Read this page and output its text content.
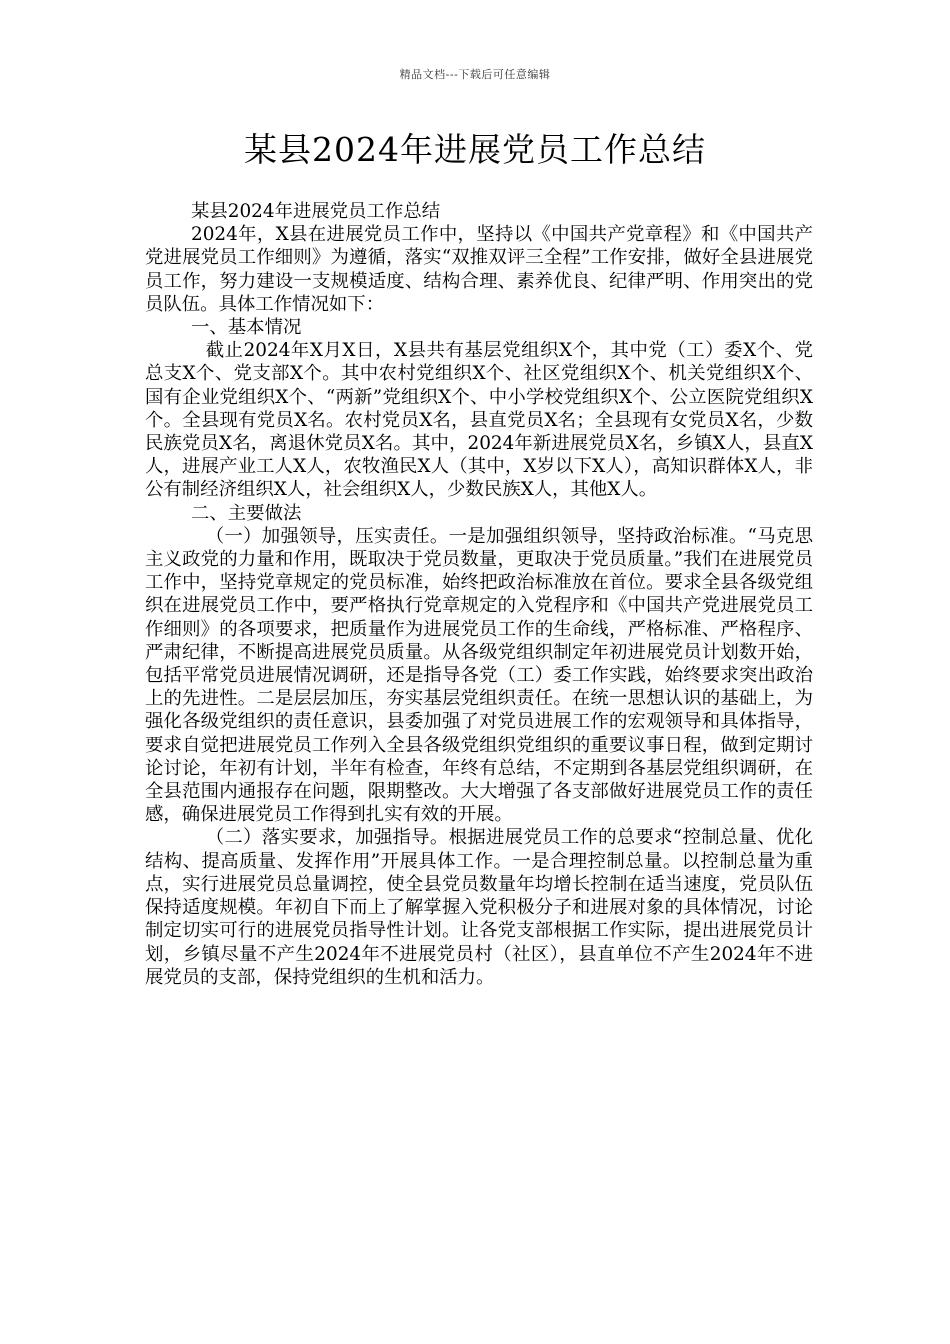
精品文档---下载后可任意编辑
某县2024年进展党员工作总结

某县2024年进展党员工作总结

2024年，X县在进展党员工作中，坚持以《中国共产党章程》和《中国共产党进展党员工作细则》为遵循，落实“双推双评三全程”工作安排，做好全县进展党员工作，努力建设一支规模适度、结构合理、素养优良、纪律严明、作用突出的党员队伍。具体工作情况如下：

一、基本情况

截止2024年X月X日，X县共有基层党组织X个，其中党（工）委X个、党总支X个、党支部X个。其中农村党组织X个、社区党组织X个、机关党组织X个、国有企业党组织X个、“两新”党组织X个、中小学校党组织X个、公立医院党组织X个。全县现有党员X名。农村党员X名，县直党员X名；全县现有女党员X名，少数民族党员X名，离退休党员X名。其中，2024年新进展党员X名，乡镇X人，县直X人，进展产业工人X人，农牧渔民X人（其中，X岁以下X人），高知识群体X人，非公有制经济组织X人，社会组织X人，少数民族X人，其他X人。

二、主要做法

（一）加强领导，压实责任。一是加强组织领导，坚持政治标准。“马克思主义政党的力量和作用，既取决于党员数量，更取决于党员质量。”我们在进展党员工作中，坚持党章规定的党员标准，始终把政治标准放在首位。要求全县各级党组织在进展党员工作中，要严格执行党章规定的入党程序和《中国共产党进展党员工作细则》的各项要求，把质量作为进展党员工作的生命线，严格标准、严格程序、严肃纪律，不断提高进展党员质量。从各级党组织制定年初进展党员计划数开始，包括平常党员进展情况调研，还是指导各党（工）委工作实践，始终要求突出政治上的先进性。二是层层加压，夯实基层党组织责任。在统一思想认识的基础上，为强化各级党组织的责任意识，县委加强了对党员进展工作的宏观领导和具体指导，要求自觉把进展党员工作列入全县各级党组织党组织的重要议事日程，做到定期讨论讨论，年初有计划，半年有检查，年终有总结，不定期到各基层党组织调研，在全县范围内通报存在问题，限期整改。大大增强了各支部做好进展党员工作的责任感，确保进展党员工作得到扎实有效的开展。

（二）落实要求，加强指导。根据进展党员工作的总要求“控制总量、优化结构、提高质量、发挥作用”开展具体工作。一是合理控制总量。以控制总量为重点，实行进展党员总量调控，使全县党员数量年均增长控制在适当速度，党员队伍保持适度规模。年初自下而上了解掌握入党积极分子和进展对象的具体情况，讨论制定切实可行的进展党员指导性计划。让各党支部根据工作实际，提出进展党员计划，乡镇尽量不产生2024年不进展党员村（社区），县直单位不产生2024年不进展党员的支部，保持党组织的生机和活力。
